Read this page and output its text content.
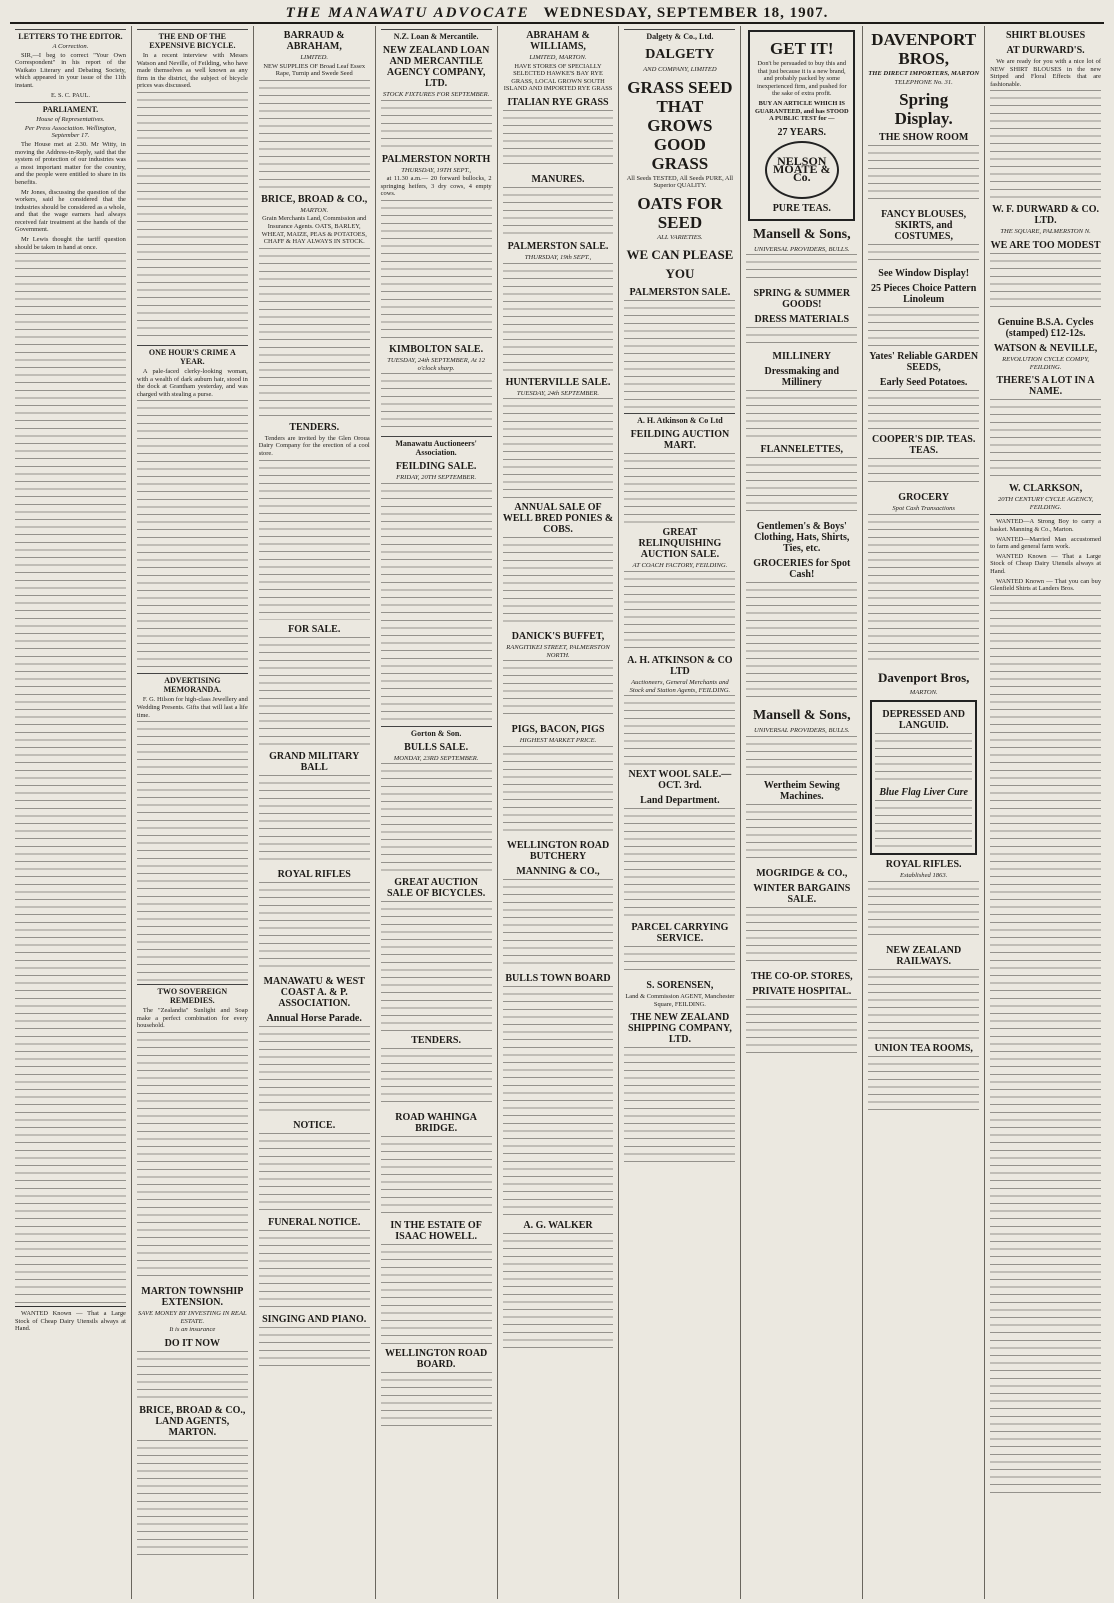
THE MANAWATU ADVOCATE WEDNESDAY, SEPTEMBER 18, 1907.
LETTERS TO THE EDITOR.
A Correction.

SIR,—I beg to correct "Your Own Correspondent" in his report of the Waikato Literary and Debating Society, which appeared in your issue of the 11th instant.

E. S. C. PAUL.

PARLIAMENT.
House of Representatives.
Per Press Association. Wellington, September 17.

The House met at 2.30. Mr Witty, in moving the Address-in-Reply, said that the system of protection of our industries was a most important matter for the country, and the people were entitled to share in its benefits.

Mr Jones, discussing the question of the workers, said he considered that the industries should be considered as a whole, and that the wage earners had always received fair treatment at the hands of the Government.

Mr Lewis thought the tariff question should be taken in hand at once.

WANTED Known — That a Large Stock of Cheap Dairy Utensils always at Hand.

THE END OF THE EXPENSIVE BICYCLE.

In a recent interview with Messrs Watson and Neville, of Feilding, who have made themselves as well known as any firm in the district, the subject of bicycle prices was discussed.

ONE HOUR'S CRIME A YEAR.

A pale-faced clerky-looking woman, with a wealth of dark auburn hair, stood in the dock at Grantham yesterday, and was charged with stealing a purse.

ADVERTISING MEMORANDA.

F. G. Hilson for high-class Jewellery and Wedding Presents. Gifts that will last a life time.

TWO SOVEREIGN REMEDIES.

The "Zealandia" Sunlight and Soap make a perfect combination for every household.

MARTON TOWNSHIP EXTENSION.
SAVE MONEY BY INVESTING IN REAL ESTATE.
It is an insurance
DO IT NOW
BRICE, BROAD & CO., LAND AGENTS, MARTON.
BARRAUD & ABRAHAM,
LIMITED.

NEW SUPPLIES OF Broad Leaf Essex Rape, Turnip and Swede Seed

BRICE, BROAD & CO.,
MARTON.

Grain Merchants Land, Commission and Insurance Agents. OATS, BARLEY, WHEAT, MAIZE, PEAS & POTATOES, CHAFF & HAY ALWAYS IN STOCK.

TENDERS.

Tenders are invited by the Glen Oroua Dairy Company for the erection of a cool store.

FOR SALE.
GRAND MILITARY BALL
ROYAL RIFLES
MANAWATU & WEST COAST A. & P. ASSOCIATION.
Annual Horse Parade.
NOTICE.
FUNERAL NOTICE.
SINGING AND PIANO.
N.Z. Loan & Mercantile.
NEW ZEALAND LOAN AND MERCANTILE AGENCY COMPANY, LTD.
STOCK FIXTURES FOR SEPTEMBER.
PALMERSTON NORTH
THURSDAY, 19TH SEPT.,

at 11.30 a.m.— 20 forward bullocks, 2 springing heifers, 3 dry cows, 4 empty cows.

KIMBOLTON SALE.
TUESDAY, 24th SEPTEMBER, At 12 o'clock sharp.
Manawatu Auctioneers' Association.
FEILDING SALE.
FRIDAY, 20TH SEPTEMBER.
Gorton & Son.
BULLS SALE.
MONDAY, 23RD SEPTEMBER.
GREAT AUCTION SALE OF BICYCLES.
TENDERS.
ROAD WAHINGA BRIDGE.
IN THE ESTATE OF ISAAC HOWELL.
WELLINGTON ROAD BOARD.
ABRAHAM & WILLIAMS,
LIMITED, MARTON.

HAVE STORES OF SPECIALLY SELECTED HAWKE'S BAY RYE GRASS, LOCAL GROWN SOUTH ISLAND AND IMPORTED RYE GRASS

ITALIAN RYE GRASS
MANURES.
PALMERSTON SALE.
THURSDAY, 19th SEPT.,
HUNTERVILLE SALE.
TUESDAY, 24th SEPTEMBER.
ANNUAL SALE OF WELL BRED PONIES & COBS.
DANICK'S BUFFET,
RANGITIKEI STREET, PALMERSTON NORTH.
PIGS, BACON, PIGS
HIGHEST MARKET PRICE.
WELLINGTON ROAD BUTCHERY
MANNING & CO.,
BULLS TOWN BOARD
A. G. WALKER
Dalgety & Co., Ltd.
DALGETY
AND COMPANY, LIMITED
GRASS SEED THAT GROWS GOOD GRASS

All Seeds TESTED, All Seeds PURE, All Superior QUALITY.

OATS FOR SEED
ALL VARIETIES.
WE CAN PLEASE YOU
PALMERSTON SALE.
A. H. Atkinson & Co Ltd
FEILDING AUCTION MART.
GREAT RELINQUISHING AUCTION SALE.
AT COACH FACTORY, FEILDING.
A. H. ATKINSON & CO LTD
Auctioneers, General Merchants and Stock and Station Agents, FEILDING.
NEXT WOOL SALE.—OCT. 3rd.
Land Department.
PARCEL CARRYING SERVICE.
S. SORENSEN,

Land & Commission AGENT, Manchester Square, FEILDING.

THE NEW ZEALAND SHIPPING COMPANY, LTD.
GET IT!

Don't be persuaded to buy this and that just because it is a new brand, and probably packed by some inexperienced firm, and pushed for the sake of extra profit.

BUY AN ARTICLE WHICH IS GUARANTEED, and has STOOD A PUBLIC TEST for —

27 YEARS.
NELSON MOATE & Co.
PURE TEAS.
Mansell & Sons,
UNIVERSAL PROVIDERS, BULLS.
SPRING & SUMMER GOODS!
DRESS MATERIALS
MILLINERY
Dressmaking and Millinery
FLANNELETTES,
Gentlemen's & Boys' Clothing, Hats, Shirts, Ties, etc.
GROCERIES for Spot Cash!
Mansell & Sons,
UNIVERSAL PROVIDERS, BULLS.
Wertheim Sewing Machines.
MOGRIDGE & CO.,
WINTER BARGAINS SALE.
THE CO-OP. STORES,
PRIVATE HOSPITAL.
DAVENPORT BROS,
THE DIRECT IMPORTERS, MARTON
TELEPHONE No. 31.
Spring Display.
THE SHOW ROOM
FANCY BLOUSES, SKIRTS, and COSTUMES,
See Window Display!
25 Pieces Choice Pattern Linoleum
Yates' Reliable GARDEN SEEDS,
Early Seed Potatoes.
COOPER'S DIP. TEAS. TEAS.
GROCERY
Spot Cash Transactions
Davenport Bros,
MARTON.
DEPRESSED AND LANGUID.
Blue Flag Liver Cure
ROYAL RIFLES.
Established 1863.
NEW ZEALAND RAILWAYS.
UNION TEA ROOMS,
SHIRT BLOUSES
AT DURWARD'S.

We are ready for you with a nice lot of NEW SHIRT BLOUSES in the new Striped and Floral Effects that are fashionable.

W. F. DURWARD & CO. LTD.
THE SQUARE, PALMERSTON N.
WE ARE TOO MODEST
Genuine B.S.A. Cycles (stamped) £12-12s.
WATSON & NEVILLE,
REVOLUTION CYCLE COMPY, FEILDING.
THERE'S A LOT IN A NAME.
W. CLARKSON,
20TH CENTURY CYCLE AGENCY, FEILDING.

WANTED—A Strong Boy to carry a basket. Manning & Co., Marton.

WANTED—Married Man accustomed to farm and general farm work.

WANTED Known — That a Large Stock of Cheap Dairy Utensils always at Hand.

WANTED Known — That you can buy Glenfield Shirts at Landers Bros.
